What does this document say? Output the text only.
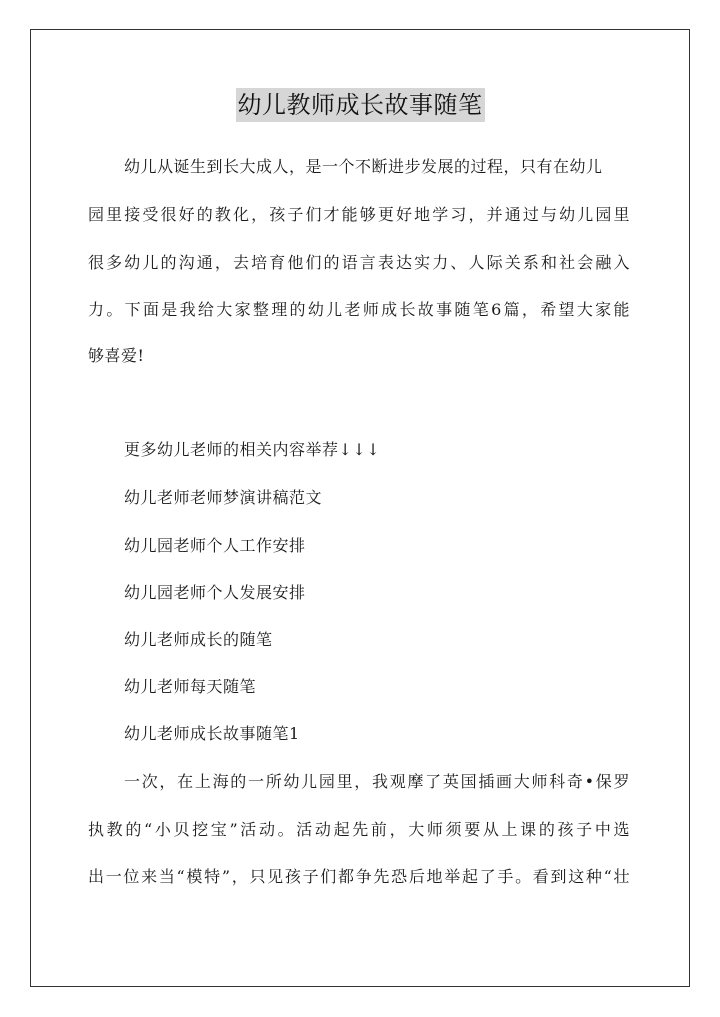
幼儿教师成长故事随笔
幼儿从诞生到长大成人，是一个不断进步发展的过程，只有在幼儿
园里接受很好的教化，孩子们才能够更好地学习，并通过与幼儿园里
很多幼儿的沟通，去培育他们的语言表达实力、人际关系和社会融入
力。下面是我给大家整理的幼儿老师成长故事随笔6篇，希望大家能
够喜爱!
更多幼儿老师的相关内容举荐↓↓↓
幼儿老师老师梦演讲稿范文
幼儿园老师个人工作安排
幼儿园老师个人发展安排
幼儿老师成长的随笔
幼儿老师每天随笔
幼儿老师成长故事随笔1
一次，在上海的一所幼儿园里，我观摩了英国插画大师科奇•保罗
执教的“小贝挖宝”活动。活动起先前，大师须要从上课的孩子中选
出一位来当“模特”，只见孩子们都争先恐后地举起了手。看到这种“壮
